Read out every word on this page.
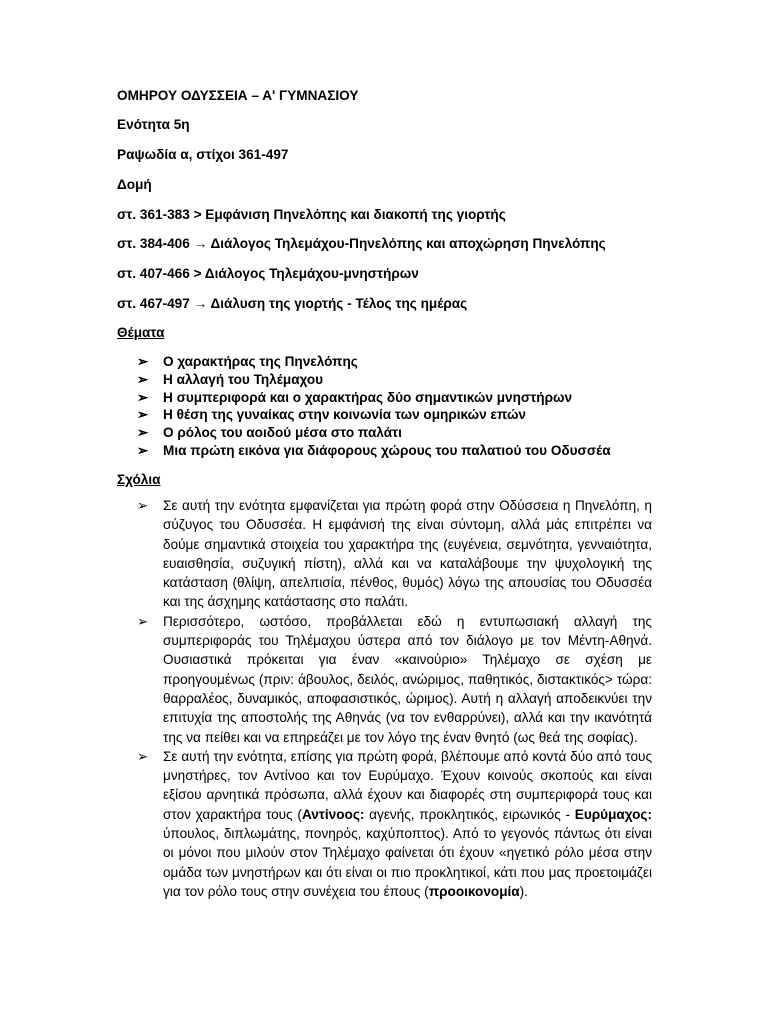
ΟΜΗΡΟΥ ΟΔΥΣΣΕΙΑ – Α' ΓΥΜΝΑΣΙΟΥ
Ενότητα 5η
Ραψωδία α, στίχοι 361-497
Δομή
στ. 361-383 > Εμφάνιση Πηνελόπης και διακοπή της γιορτής
στ. 384-406 → Διάλογος Τηλεμάχου-Πηνελόπης και αποχώρηση Πηνελόπης
στ. 407-466 > Διάλογος Τηλεμάχου-μνηστήρων
στ. 467-497 → Διάλυση της γιορτής - Τέλος της ημέρας
Θέματα
➢ Ο χαρακτήρας της Πηνελόπης
➢ Η αλλαγή του Τηλέμαχου
➢ Η συμπεριφορά και ο χαρακτήρας δύο σημαντικών μνηστήρων
➢ Η θέση της γυναίκας στην κοινωνία των ομηρικών επών
➢ Ο ρόλος του αοιδού μέσα στο παλάτι
➢ Μια πρώτη εικόνα για διάφορους χώρους του παλατιού του Οδυσσέα
Σχόλια
➢ Σε αυτή την ενότητα εμφανίζεται για πρώτη φορά στην Οδύσσεια η Πηνελόπη, η σύζυγος του Οδυσσέα. Η εμφάνισή της είναι σύντομη, αλλά μάς επιτρέπει να δούμε σημαντικά στοιχεία του χαρακτήρα της (ευγένεια, σεμνότητα, γενναιότητα, ευαισθησία, συζυγική πίστη), αλλά και να καταλάβουμε την ψυχολογική της κατάσταση (θλίψη, απελπισία, πένθος, θυμός) λόγω της απουσίας του Οδυσσέα και της άσχημης κατάστασης στο παλάτι.
➢ Περισσότερο, ωστόσο, προβάλλεται εδώ η εντυπωσιακή αλλαγή της συμπεριφοράς του Τηλέμαχου ύστερα από τον διάλογο με τον Μέντη-Αθηνά. Ουσιαστικά πρόκειται για έναν «καινούριο» Τηλέμαχο σε σχέση με προηγουμένως (πριν: άβουλος, δειλός, ανώριμος, παθητικός, διστακτικός> τώρα: θαρραλέος, δυναμικός, αποφασιστικός, ώριμος). Αυτή η αλλαγή αποδεικνύει την επιτυχία της αποστολής της Αθηνάς (να τον ενθαρρύνει), αλλά και την ικανότητά της να πείθει και να επηρεάζει με τον λόγο της έναν θνητό (ως θεά της σοφίας).
➢ Σε αυτή την ενότητα, επίσης για πρώτη φορά, βλέπουμε από κοντά δύο από τους μνηστήρες, τον Αντίνοο και τον Ευρύμαχο. Έχουν κοινούς σκοπούς και είναι εξίσου αρνητικά πρόσωπα, αλλά έχουν και διαφορές στη συμπεριφορά τους και στον χαρακτήρα τους (Αντίνοος: αγενής, προκλητικός, ειρωνικός - Ευρύμαχος: ύπουλος, διπλωμάτης, πονηρός, καχύποπτος). Από το γεγονός πάντως ότι είναι οι μόνοι που μιλούν στον Τηλέμαχο φαίνεται ότι έχουν «ηγετικό ρόλο μέσα στην ομάδα των μνηστήρων και ότι είναι οι πιο προκλητικοί, κάτι που μας προετοιμάζει για τον ρόλο τους στην συνέχεια του έπους (προοικονομία).
